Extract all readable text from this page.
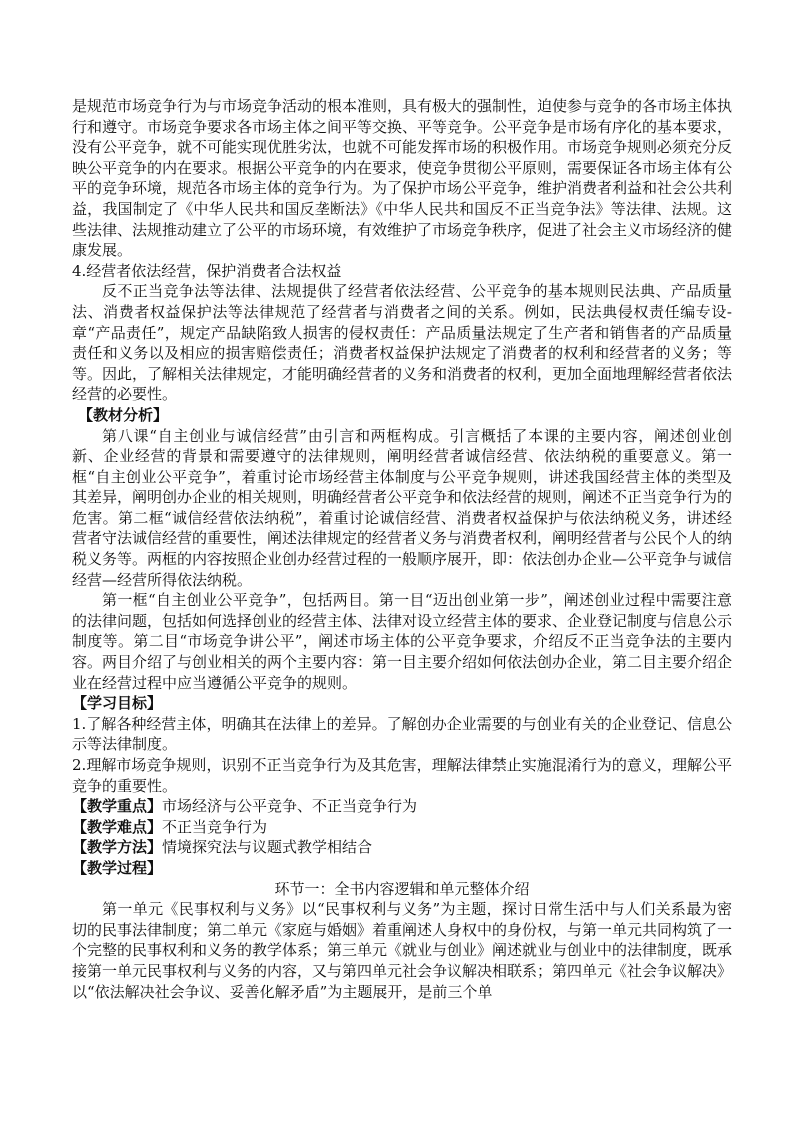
是规范市场竞争行为与市场竞争活动的根本准则，具有极大的强制性，迫使参与竞争的各市场主体执行和遵守。市场竞争要求各市场主体之间平等交换、平等竞争。公平竞争是市场有序化的基本要求，没有公平竞争，就不可能实现优胜劣汰，也就不可能发挥市场的积极作用。市场竞争规则必须充分反映公平竞争的内在要求。根据公平竞争的内在要求，使竞争贯彻公平原则，需要保证各市场主体有公平的竞争环境，规范各市场主体的竞争行为。为了保护市场公平竞争，维护消费者利益和社会公共利益，我国制定了《中华人民共和国反垄断法》《中华人民共和国反不正当竞争法》等法律、法规。这些法律、法规推动建立了公平的市场环境，有效维护了市场竞争秩序，促进了社会主义市场经济的健康发展。

4.经营者依法经营，保护消费者合法权益

反不正当竞争法等法律、法规提供了经营者依法经营、公平竞争的基本规则民法典、产品质量法、消费者权益保护法等法律规范了经营者与消费者之间的关系。例如，民法典侵权责任编专设-章“产品责任”，规定产品缺陷致人损害的侵权责任：产品质量法规定了生产者和销售者的产品质量责任和义务以及相应的损害赔偿责任；消费者权益保护法规定了消费者的权利和经营者的义务；等等。因此，了解相关法律规定，才能明确经营者的义务和消费者的权利，更加全面地理解经营者依法经营的必要性。

【教材分析】

第八课“自主创业与诚信经营”由引言和两框构成。引言概括了本课的主要内容，阐述创业创新、企业经营的背景和需要遵守的法律规则，阐明经营者诚信经营、依法纳税的重要意义。第一框“自主创业公平竞争”，着重讨论市场经营主体制度与公平竞争规则，讲述我国经营主体的类型及其差异，阐明创办企业的相关规则，明确经营者公平竞争和依法经营的规则，阐述不正当竞争行为的危害。第二框“诚信经营依法纳税”，着重讨论诚信经营、消费者权益保护与依法纳税义务，讲述经营者守法诚信经营的重要性，阐述法律规定的经营者义务与消费者权利，阐明经营者与公民个人的纳税义务等。两框的内容按照企业创办经营过程的一般顺序展开，即：依法创办企业—公平竞争与诚信经营—经营所得依法纳税。

第一框“自主创业公平竞争”，包括两目。第一目“迈出创业第一步”，阐述创业过程中需要注意的法律问题，包括如何选择创业的经营主体、法律对设立经营主体的要求、企业登记制度与信息公示制度等。第二目“市场竞争讲公平”，阐述市场主体的公平竞争要求，介绍反不正当竞争法的主要内容。两目介绍了与创业相关的两个主要内容：第一目主要介绍如何依法创办企业，第二目主要介绍企业在经营过程中应当遵循公平竞争的规则。

【学习目标】

1.了解各种经营主体，明确其在法律上的差异。了解创办企业需要的与创业有关的企业登记、信息公示等法律制度。

2.理解市场竞争规则，识别不正当竞争行为及其危害，理解法律禁止实施混淆行为的意义，理解公平竞争的重要性。

【教学重点】市场经济与公平竞争、不正当竞争行为

【教学难点】不正当竞争行为

【教学方法】情境探究法与议题式教学相结合

【教学过程】

环节一：全书内容逻辑和单元整体介绍

第一单元《民事权利与义务》以“民事权利与义务”为主题，探讨日常生活中与人们关系最为密切的民事法律制度；第二单元《家庭与婚姻》着重阐述人身权中的身份权，与第一单元共同构筑了一个完整的民事权利和义务的教学体系；第三单元《就业与创业》阐述就业与创业中的法律制度，既承接第一单元民事权利与义务的内容，又与第四单元社会争议解决相联系；第四单元《社会争议解决》以“依法解决社会争议、妥善化解矛盾”为主题展开，是前三个单
